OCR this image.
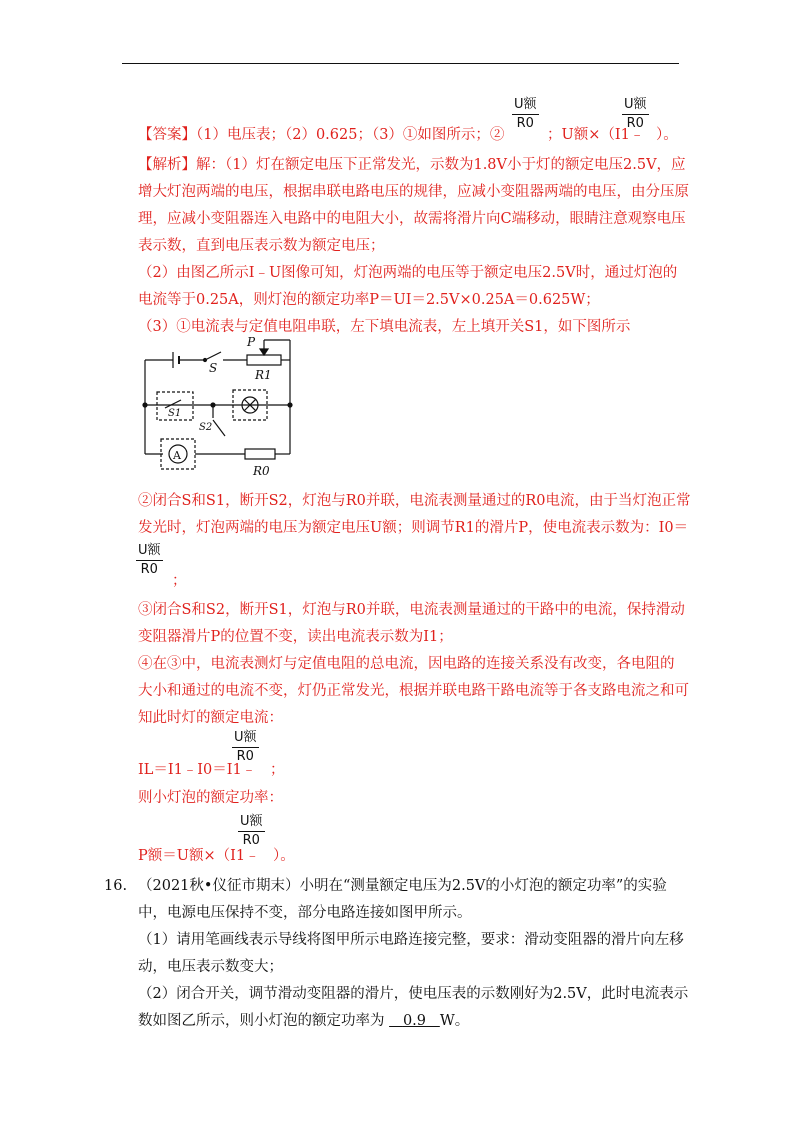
【答案】（1）电压表；（2）0.625；（3）①如图所示；②
U额
R0
；U额×（I1﹣
U额
R0
）。
【解析】解：（1）灯在额定电压下正常发光，示数为1.8V小于灯的额定电压2.5V，应
增大灯泡两端的电压，根据串联电路电压的规律，应减小变阻器两端的电压，由分压原
理，应减小变阻器连入电路中的电阻大小，故需将滑片向C端移动，眼睛注意观察电压
表示数，直到电压表示数为额定电压；
（2）由图乙所示I﹣U图像可知，灯泡两端的电压等于额定电压2.5V时，通过灯泡的
电流等于0.25A，则灯泡的额定功率P＝UI＝2.5V×0.25A＝0.625W；
（3）①电流表与定值电阻串联，左下填电流表，左上填开关S1，如下图所示
P
S	R1
S1
S2
A
R0
②闭合S和S1，断开S2，灯泡与R0并联，电流表测量通过的R0电流，由于当灯泡正常
发光时，灯泡两端的电压为额定电压U额；则调节R1的滑片P，使电流表示数为：I0＝
U额
R0
；
③闭合S和S2，断开S1，灯泡与R0并联，电流表测量通过的干路中的电流，保持滑动
变阻器滑片P的位置不变，读出电流表示数为I1；
④在③中，电流表测灯与定值电阻的总电流，因电路的连接关系没有改变，各电阻的
大小和通过的电流不变，灯仍正常发光，根据并联电路干路电流等于各支路电流之和可
知此时灯的额定电流：
IL＝I1﹣I0＝I1﹣
U额
R0
；
则小灯泡的额定功率：
P额＝U额×（I1﹣
U额
R0
）。
16. （2021秋•仪征市期末）小明在“测量额定电压为2.5V的小灯泡的额定功率”的实验
中，电源电压保持不变，部分电路连接如图甲所示。
（1）请用笔画线表示导线将图甲所示电路连接完整，要求：滑动变阻器的滑片向左移
动，电压表示数变大；
（2）闭合开关，调节滑动变阻器的滑片，使电压表的示数刚好为2.5V，此时电流表示
数如图乙所示，则小灯泡的额定功率为 0.9 W。
